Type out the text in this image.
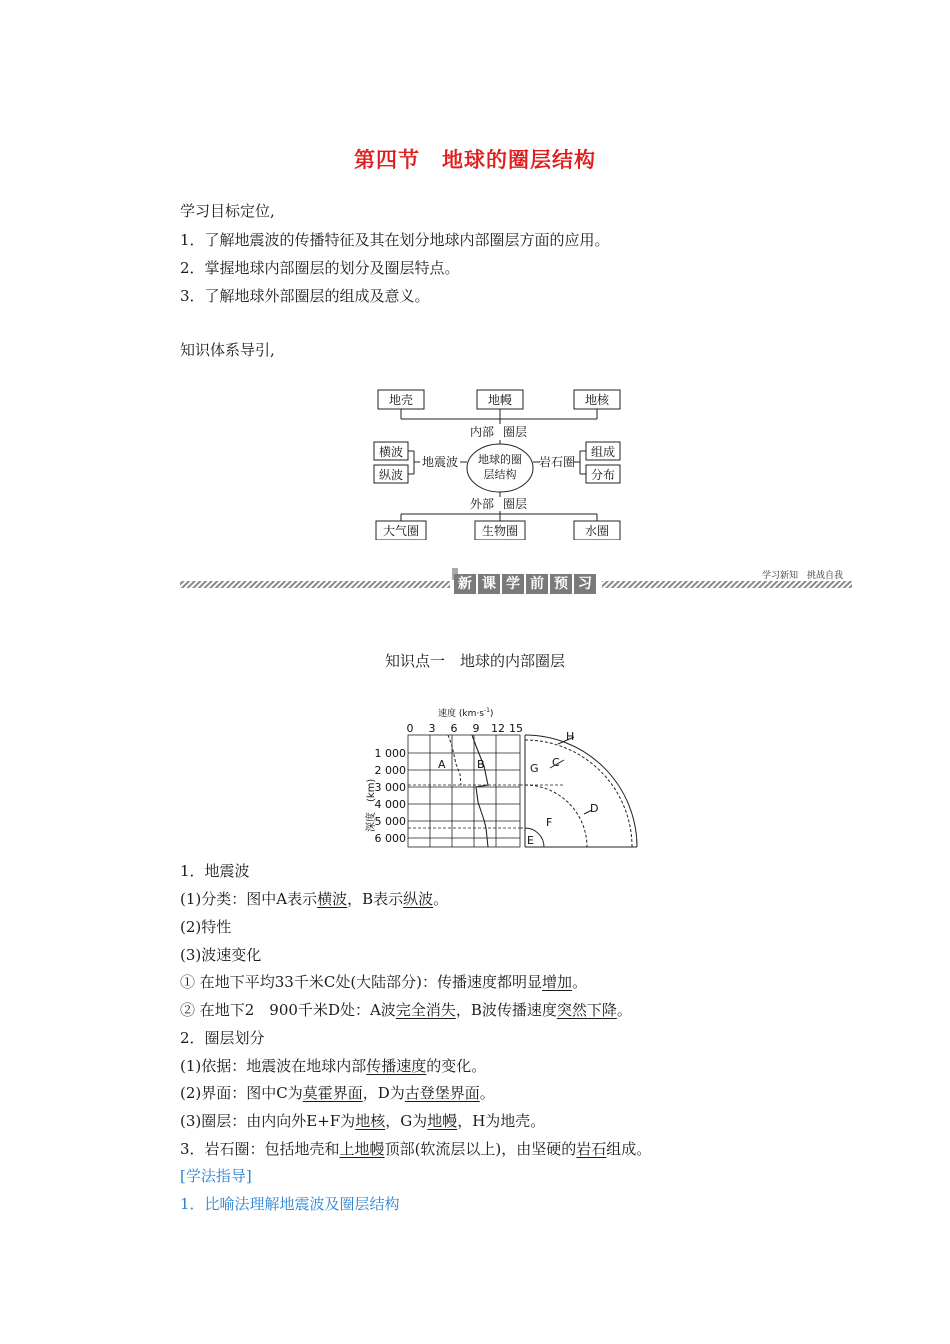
第四节　地球的圈层结构
学习目标定位,
1．了解地震波的传播特征及其在划分地球内部圈层方面的应用。
2．掌握地球内部圈层的划分及圈层特点。
3．了解地球外部圈层的组成及意义。
知识体系导引,
地壳	地幔	地核
内部 圈层
横波
纵波
地震波 地球的圈
层结构
岩石圈
组成
分布
外部 圈层
大气圈	生物圈	水圈
新 课 学 前 预 习	学习新知　挑战自我
知识点一　地球的内部圈层
速度 $(km\cdot s^{-1})$
0 3 6 9 12 15
A	B
1 000
2 000
3 000
4 000
5 000
6 000
深度
(km)
H
C
G
D
F
E
1．地震波
(1)分类：图中A表示横波，B表示纵波。
(2)特性
(3)波速变化
① 在地下平均33千米C处(大陆部分)：传播速度都明显增加。
② 在地下2　900千米D处：A波完全消失，B波传播速度突然下降。
2．圈层划分
(1)依据：地震波在地球内部传播速度的变化。
(2)界面：图中C为莫霍界面，D为古登堡界面。
(3)圈层：由内向外E+F为地核，G为地幔，H为地壳。
3．岩石圈：包括地壳和上地幔顶部(软流层以上)，由坚硬的岩石组成。
[学法指导]
1．比喻法理解地震波及圈层结构
